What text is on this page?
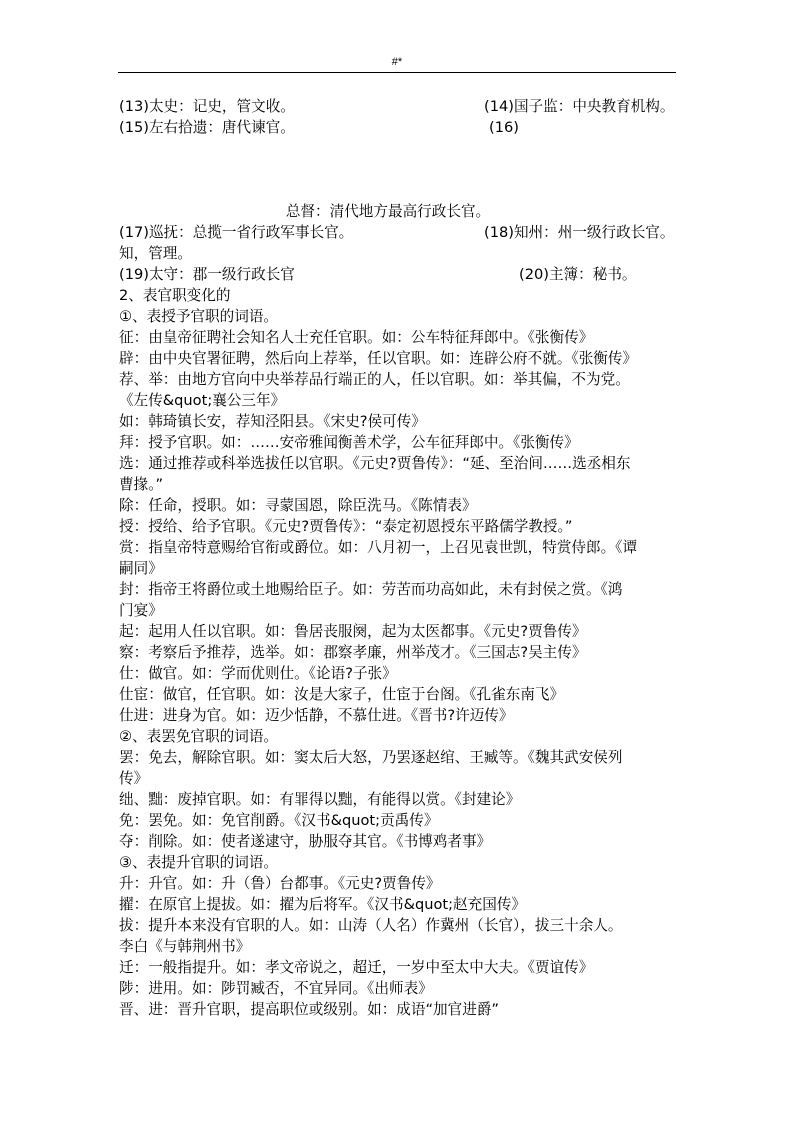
#*
(13)太史：记史，管文收。	(14)国子监：中央教育机构。
(15)左右拾遗：唐代谏官。	(16)
总督：清代地方最高行政长官。
(17)巡抚：总揽一省行政军事长官。	(18)知州：州一级行政长官。
知，管理。
(19)太守：郡一级行政长官	(20)主簿：秘书。
2、表官职变化的
①、表授予官职的词语。
征：由皇帝征聘社会知名人士充任官职。如：公车特征拜郎中。《张衡传》
辟：由中央官署征聘，然后向上荐举，任以官职。如：连辟公府不就。《张衡传》
荐、举：由地方官向中央举荐品行端正的人，任以官职。如：举其偏，不为党。
《左传&quot;襄公三年》
如：韩琦镇长安，荐知泾阳县。《宋史?侯可传》
拜：授予官职。如：……安帝雅闻衡善术学，公车征拜郎中。《张衡传》
选：通过推荐或科举选拔任以官职。《元史?贾鲁传》：“延、至治间……选丞相东
曹掾。”
除：任命，授职。如：寻蒙国恩，除臣洗马。《陈情表》
授：授给、给予官职。《元史?贾鲁传》：“泰定初恩授东平路儒学教授。”
赏：指皇帝特意赐给官衔或爵位。如：八月初一，上召见袁世凯，特赏侍郎。《谭
嗣同》
封：指帝王将爵位或土地赐给臣子。如：劳苦而功高如此，未有封侯之赏。《鸿
门宴》
起：起用人任以官职。如：鲁居丧服阕，起为太医都事。《元史?贾鲁传》
察：考察后予推荐，选举。如：郡察孝廉，州举茂才。《三国志?吴主传》
仕：做官。如：学而优则仕。《论语?子张》
仕宦：做官，任官职。如：汝是大家子，仕宦于台阁。《孔雀东南飞》
仕进：进身为官。如：迈少恬静，不慕仕进。《晋书?许迈传》
②、表罢免官职的词语。
罢：免去，解除官职。如：窦太后大怒，乃罢逐赵绾、王臧等。《魏其武安侯列
传》
绌、黜：废掉官职。如：有罪得以黜，有能得以赏。《封建论》
免：罢免。如：免官削爵。《汉书&quot;贡禹传》
夺：削除。如：使者遂逮守，胁服夺其官。《书博鸡者事》
③、表提升官职的词语。
升：升官。如：升（鲁）台都事。《元史?贾鲁传》
擢：在原官上提拔。如：擢为后将军。《汉书&quot;赵充国传》
拔：提升本来没有官职的人。如：山涛（人名）作冀州（长官），拔三十余人。
李白《与韩荆州书》
迁：一般指提升。如：孝文帝说之，超迁，一岁中至太中大夫。《贾谊传》
陟：进用。如：陟罚臧否，不宜异同。《出师表》
晋、进：晋升官职，提高职位或级别。如：成语“加官进爵”
